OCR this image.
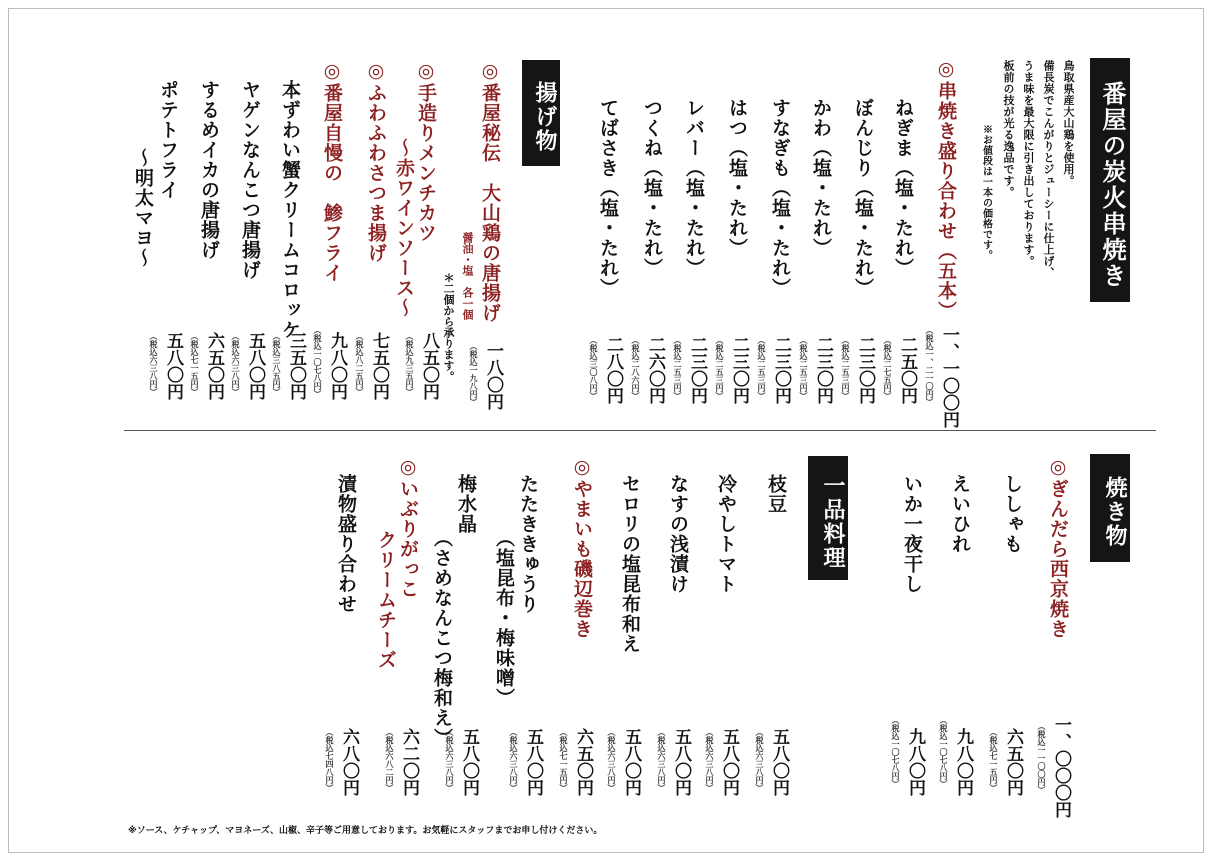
番屋の炭火串焼き
鳥取県産大山鶏を使用。
備長炭でこんがりとジューシーに仕上げ、
うま味を最大限に引き出しております。
板前の技が光る逸品です。
※お値段は一本の価格です。
◎串焼き盛り合わせ（五本）
ねぎま（塩・たれ）
ぼんじり（塩・たれ）
かわ（塩・たれ）
すなぎも（塩・たれ）
はつ（塩・たれ）
レバー（塩・たれ）
つくね（塩・たれ）
てばさき（塩・たれ）
一、一〇〇円
（税込一、二一〇円）
二五〇円
（税込二七五円）
二三〇円
（税込二五三円）
二三〇円
（税込二五三円）
二三〇円
（税込二五三円）
二三〇円
（税込二五三円）
二三〇円
（税込二五三円）
二六〇円
（税込二八六円）
二八〇円
（税込三〇八円）
揚げ物
◎番屋秘伝　大山鶏の唐揚げ
醤油・塩　各一個
＊二個から承ります。
◎手造りメンチカツ
～赤ワインソース～
◎ふわふわさつま揚げ
◎番屋自慢の　鯵フライ
本ずわい蟹クリームコロッケ
ヤゲンなんこつ唐揚げ
するめイカの唐揚げ
ポテトフライ
～明太マヨ～
一八〇円
（税込一九八円）
八五〇円
（税込九三五円）
七五〇円
（税込八二五円）
九八〇円
（税込一〇七八円）
三五〇円
（税込三八五円）
五八〇円
（税込六三八円）
六五〇円
（税込七一五円）
五八〇円
（税込六三八円）
焼き物
◎ぎんだら西京焼き
ししゃも
えいひれ
いか一夜干し
一、〇〇〇円
（税込一一〇〇円）
六五〇円
（税込七一五円）
九八〇円
（税込一〇七八円）
九八〇円
（税込一〇七八円）
一品料理
枝豆
冷やしトマト
なすの浅漬け
セロリの塩昆布和え
◎やまいも磯辺巻き
たたききゅうり
（塩昆布・梅味噌）
梅水晶
（さめなんこつ梅和え）
◎いぶりがっこ
クリームチーズ
漬物盛り合わせ
五八〇円
（税込六三八円）
五八〇円
（税込六三八円）
五八〇円
（税込六三八円）
五八〇円
（税込六三八円）
六五〇円
（税込七一五円）
五八〇円
（税込六三八円）
五八〇円
（税込六三八円）
六二〇円
（税込六八二円）
六八〇円
（税込七四八円）
※ソース、ケチャップ、マヨネーズ、山椒、辛子等ご用意しております。お気軽にスタッフまでお申し付けください。
